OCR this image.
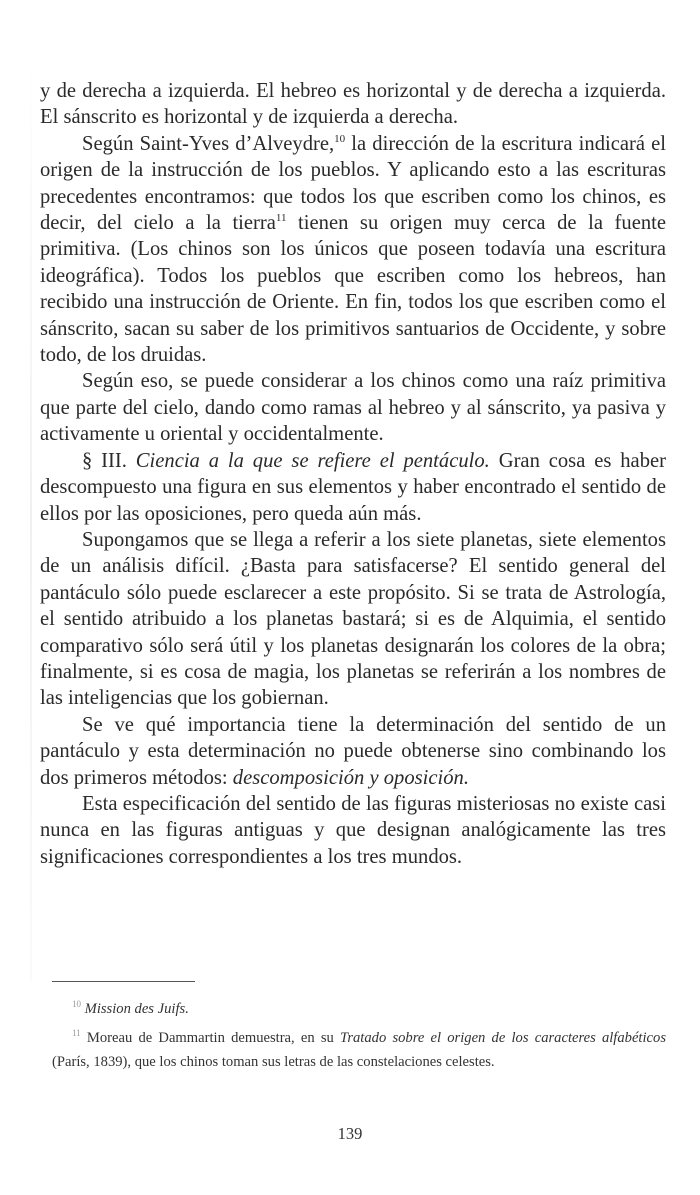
y de derecha a izquierda. El hebreo es horizontal y de derecha a izquierda. El sánscrito es horizontal y de izquierda a derecha.

Según Saint-Yves d’Alveydre,$^{10}$ la dirección de la escritura indicará el origen de la instrucción de los pueblos. Y aplicando esto a las escrituras precedentes encontramos: que todos los que escriben como los chinos, es decir, del cielo a la tierra$^{11}$ tienen su origen muy cerca de la fuente primitiva. (Los chinos son los únicos que poseen todavía una escritura ideográfica). Todos los pueblos que escriben como los hebreos, han recibido una instrucción de Oriente. En fin, todos los que escriben como el sánscrito, sacan su saber de los primitivos santuarios de Occidente, y sobre todo, de los druidas.

Según eso, se puede considerar a los chinos como una raíz primitiva que parte del cielo, dando como ramas al hebreo y al sánscrito, ya pasiva y activamente u oriental y occidentalmente.

§ III. Ciencia a la que se refiere el pentáculo. Gran cosa es haber descompuesto una figura en sus elementos y haber encontrado el sentido de ellos por las oposiciones, pero queda aún más.

Supongamos que se llega a referir a los siete planetas, siete elementos de un análisis difícil. ¿Basta para satisfacerse? El sentido general del pantáculo sólo puede esclarecer a este propósito. Si se trata de Astrología, el sentido atribuido a los planetas bastará; si es de Alquimia, el sentido comparativo sólo será útil y los planetas designarán los colores de la obra; finalmente, si es cosa de magia, los planetas se referirán a los nombres de las inteligencias que los gobiernan.

Se ve qué importancia tiene la determinación del sentido de un pantáculo y esta determinación no puede obtenerse sino combinando los dos primeros métodos: descomposición y oposición.

Esta especificación del sentido de las figuras misteriosas no existe casi nunca en las figuras antiguas y que designan analógicamente las tres significaciones correspondientes a los tres mundos.

$^{10}$ Mission des Juifs.

$^{11}$ Moreau de Dammartin demuestra, en su Tratado sobre el origen de los caracteres alfabéticos (París, 1839), que los chinos toman sus letras de las constelaciones celestes.

139
